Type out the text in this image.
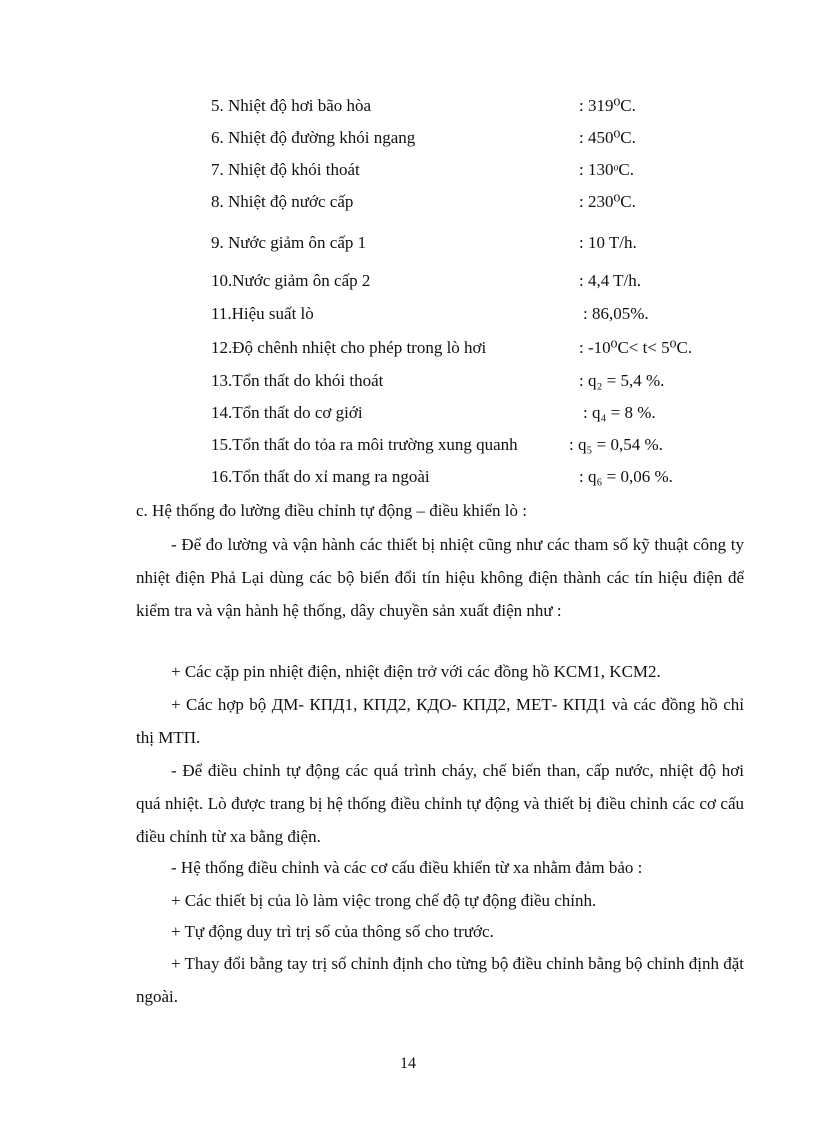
5. Nhiệt độ hơi bão hòa	: 319⁰C.
6. Nhiệt độ đường khói ngang	: 450⁰C.
7. Nhiệt độ khói thoát	: 130ᵒC.
8. Nhiệt độ nước cấp	: 230⁰C.
9. Nước giảm ôn cấp 1	: 10 T/h.
10.Nước giảm ôn cấp 2	: 4,4 T/h.
11.Hiệu suất lò	: 86,05%.
12.Độ chênh nhiệt cho phép trong lò hơi	: -10⁰C< t< 5⁰C.
13.Tổn thất do khói thoát	: q₂ = 5,4 %.
14.Tổn thất do cơ giới	: q₄ = 8 %.
15.Tổn thất do tỏa ra môi trường xung quanh	: q₅ = 0,54 %.
16.Tổn thất do xỉ mang ra ngoài	: q₆ = 0,06 %.
c. Hệ thống đo lường điều chỉnh tự động – điều khiển lò :

- Để đo lường và vận hành các thiết bị nhiệt cũng như các tham số kỹ thuật công ty nhiệt điện Phả Lại dùng các bộ biến đổi tín hiệu không điện thành các tín hiệu điện để kiểm tra và vận hành hệ thống, dây chuyền sản xuất điện như :

+ Các cặp pin nhiệt điện, nhiệt điện trở với các đồng hồ KCM1, KCM2.

+ Các hợp bộ ДМ- КПД1, КПД2, КДО- КПД2, МЕТ- КПД1 và các đồng hồ chỉ thị МТП.

- Để điều chỉnh tự động các quá trình cháy, chế biến than, cấp nước, nhiệt độ hơi quá nhiệt. Lò được trang bị hệ thống điều chỉnh tự động và thiết bị điều chỉnh các cơ cấu điều chỉnh từ xa bằng điện.

- Hệ thống điều chỉnh và các cơ cấu điều khiển từ xa nhằm đảm bảo :

+ Các thiết bị của lò làm việc trong chế độ tự động điều chỉnh.

+ Tự động duy trì trị số của thông số cho trước.

+ Thay đổi bằng tay trị số chỉnh định cho từng bộ điều chỉnh bằng bộ chỉnh định đặt ngoài.

14
